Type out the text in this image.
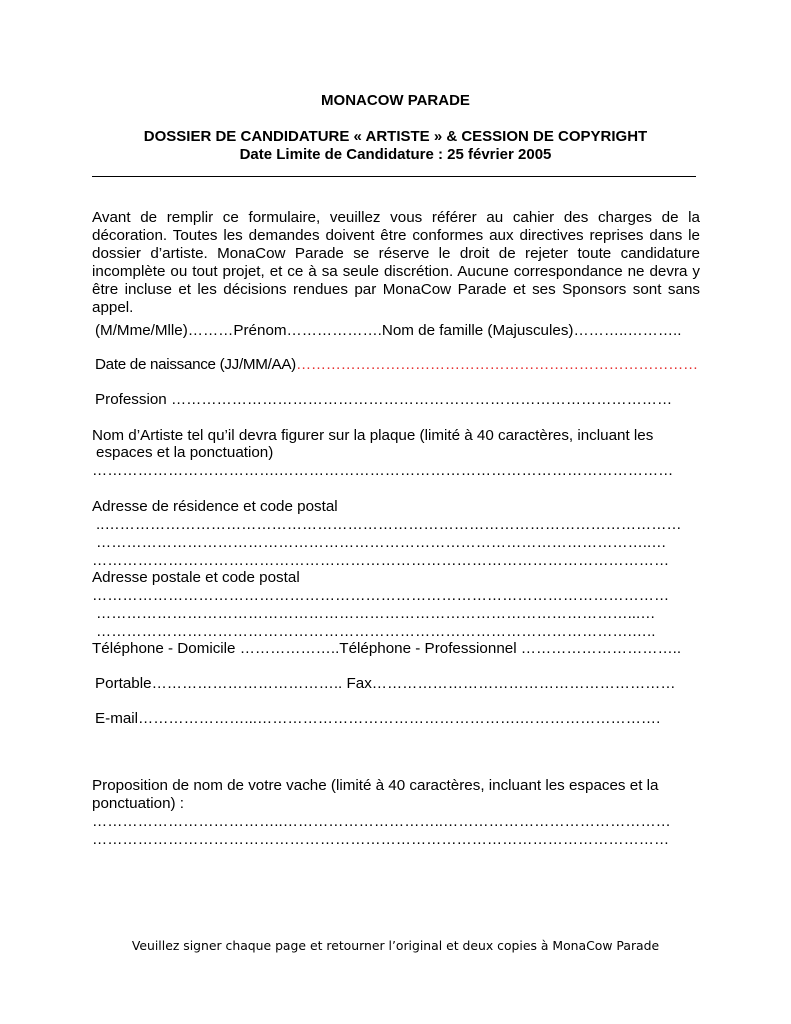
MONACOW PARADE
DOSSIER DE CANDIDATURE « ARTISTE » & CESSION DE COPYRIGHT
Date Limite de Candidature : 25 février 2005

Avant de remplir ce formulaire, veuillez vous référer au cahier des charges de la décoration. Toutes les demandes doivent être conformes aux directives reprises dans le dossier d’artiste. MonaCow Parade se réserve le droit de rejeter toute candidature incomplète ou tout projet, et ce à sa seule discrétion. Aucune correspondance ne devra y être incluse et les décisions rendues par MonaCow Parade et ses Sponsors sont sans appel.

(M/Mme/Mlle)………Prénom……………….Nom de famille (Majuscules)………..………..
Date de naissance (JJ/MM/AA)………………………………………………………………………
Profession ………………………………………………………………………………………
Nom d’Artiste tel qu’il devra figurer sur la plaque (limité à 40 caractères, incluant les
espaces et la ponctuation)
……………………………….……………………………………………………………………
Adresse de résidence et code postal
..……………………………………………………………………………………………………
………………………………………………………………………………………………..…
……………………………………………………………………………………………………
Adresse postale et code postal
……………………………………………………………………………………………………
……………………………………………………………………………………………...…
…………………………………………………………………………………………….…..
Téléphone - Domicile ………………..Téléphone - Professionnel …………………………..
Portable……………………………….. Fax……………………………………………………
E-mail…………………...…………………………………………….……………………….
Proposition de nom de votre vache (limité à 40 caractères, incluant les espaces et la
ponctuation) :
………………………………..…………………………..………………………………………
……………………………………………………………………………………………………
Veuillez signer chaque page et retourner l’original et deux copies à MonaCow Parade
